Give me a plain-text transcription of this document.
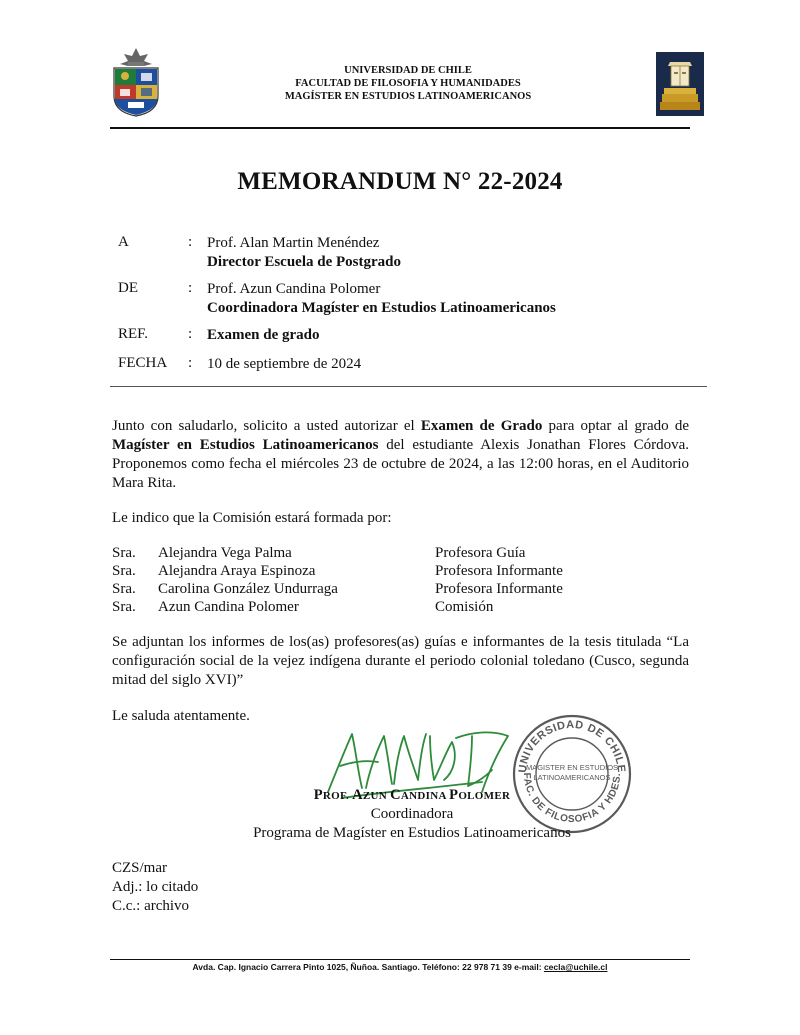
UNIVERSIDAD DE CHILE
FACULTAD DE FILOSOFIA Y HUMANIDADES
MAGÍSTER EN ESTUDIOS LATINOAMERICANOS
MEMORANDUM N° 22-2024
A	: Prof. Alan Martin Menéndez
Director Escuela de Postgrado
DE	: Prof. Azun Candina Polomer
Coordinadora Magíster en Estudios Latinoamericanos
REF.	: Examen de grado
FECHA : 10 de septiembre de 2024
Junto con saludarlo, solicito a usted autorizar el Examen de Grado para optar al grado de Magíster en Estudios Latinoamericanos del estudiante Alexis Jonathan Flores Córdova. Proponemos como fecha el miércoles 23 de octubre de 2024, a las 12:00 horas, en el Auditorio Mara Rita.
Le indico que la Comisión estará formada por:
Sra. Alejandra Vega Palma	Profesora Guía
Sra. Alejandra Araya Espinoza	Profesora Informante
Sra. Carolina González Undurraga	Profesora Informante
Sra. Azun Candina Polomer	Comisión
Se adjuntan los informes de los(as) profesores(as) guías e informantes de la tesis titulada “La configuración social de la vejez indígena durante el periodo colonial toledano (Cusco, segunda mitad del siglo XVI)”
Le saluda atentamente.
UNIVERSIDAD DE CHILE
FAC. DE FILOSOFIA Y HDES.
MAGISTER EN ESTUDIOS
LATINOAMERICANOS
PROF. AZUN CANDINA POLOMER
Coordinadora
Programa de Magíster en Estudios Latinoamericanos
CZS/mar
Adj.: lo citado
C.c.: archivo
Avda. Cap. Ignacio Carrera Pinto 1025, Ñuñoa. Santiago. Teléfono: 22 978 71 39 e-mail: cecla@uchile.cl
